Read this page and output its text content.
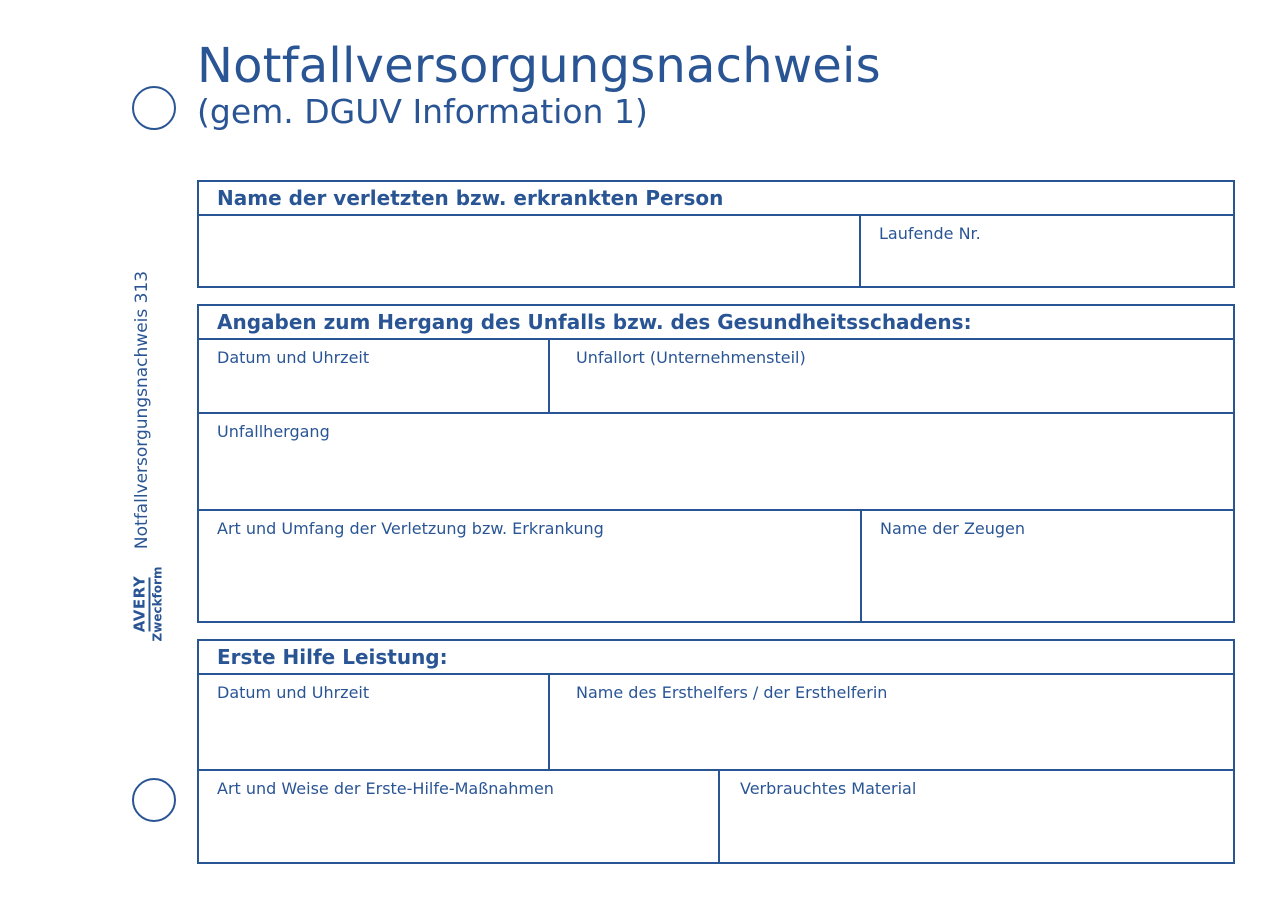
Notfallversorgungsnachweis
(gem. DGUV Information 1)
Notfallversorgungsnachweis 313
AVERY Zweckform
Name der verletzten bzw. erkrankten Person
Laufende Nr.
Angaben zum Hergang des Unfalls bzw. des Gesundheitsschadens:
Datum und Uhrzeit	Unfallort (Unternehmensteil)
Unfallhergang
Art und Umfang der Verletzung bzw. Erkrankung	Name der Zeugen
Erste Hilfe Leistung:
Datum und Uhrzeit	Name des Ersthelfers / der Ersthelferin
Art und Weise der Erste-Hilfe-Maßnahmen	Verbrauchtes Material
